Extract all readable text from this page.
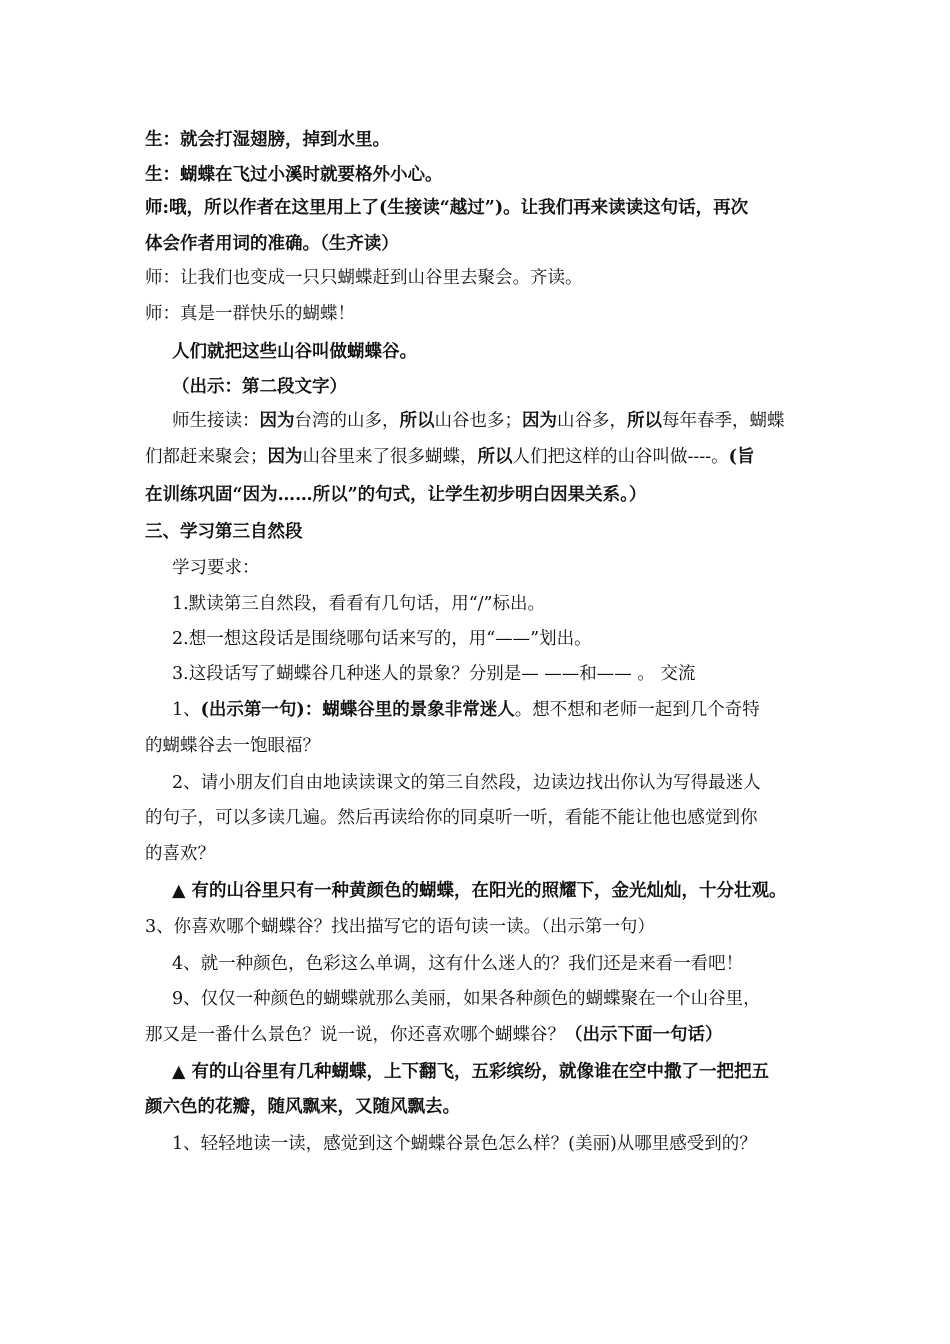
生：就会打湿翅膀，掉到水里。
生：蝴蝶在飞过小溪时就要格外小心。
师:哦，所以作者在这里用上了(生接读“越过”)。让我们再来读读这句话，再次
体会作者用词的准确。（生齐读）
师：让我们也变成一只只蝴蝶赶到山谷里去聚会。齐读。
师：真是一群快乐的蝴蝶！
人们就把这些山谷叫做蝴蝶谷。
（出示：第二段文字）
师生接读：因为台湾的山多，所以山谷也多；因为山谷多，所以每年春季，蝴蝶
们都赶来聚会；因为山谷里来了很多蝴蝶，所以人们把这样的山谷叫做----。(旨
在训练巩固“因为……所以”的句式，让学生初步明白因果关系。）
三、学习第三自然段
学习要求：
1.默读第三自然段，看看有几句话，用“/”标出。
2.想一想这段话是围绕哪句话来写的，用“——”划出。
3.这段话写了蝴蝶谷几种迷人的景象？分别是— ——和—— 。 交流
1、(出示第一句)：蝴蝶谷里的景象非常迷人。想不想和老师一起到几个奇特
的蝴蝶谷去一饱眼福？
2、请小朋友们自由地读读课文的第三自然段，边读边找出你认为写得最迷人
的句子，可以多读几遍。然后再读给你的同桌听一听，看能不能让他也感觉到你
的喜欢？
▲ 有的山谷里只有一种黄颜色的蝴蝶，在阳光的照耀下，金光灿灿，十分壮观。
3、你喜欢哪个蝴蝶谷？找出描写它的语句读一读。（出示第一句）
4、就一种颜色，色彩这么单调，这有什么迷人的？我们还是来看一看吧！
9、仅仅一种颜色的蝴蝶就那么美丽，如果各种颜色的蝴蝶聚在一个山谷里，
那又是一番什么景色？说一说，你还喜欢哪个蝴蝶谷？（出示下面一句话）
▲ 有的山谷里有几种蝴蝶，上下翻飞，五彩缤纷，就像谁在空中撒了一把把五
颜六色的花瓣，随风飘来，又随风飘去。
1、轻轻地读一读，感觉到这个蝴蝶谷景色怎么样？(美丽)从哪里感受到的？
